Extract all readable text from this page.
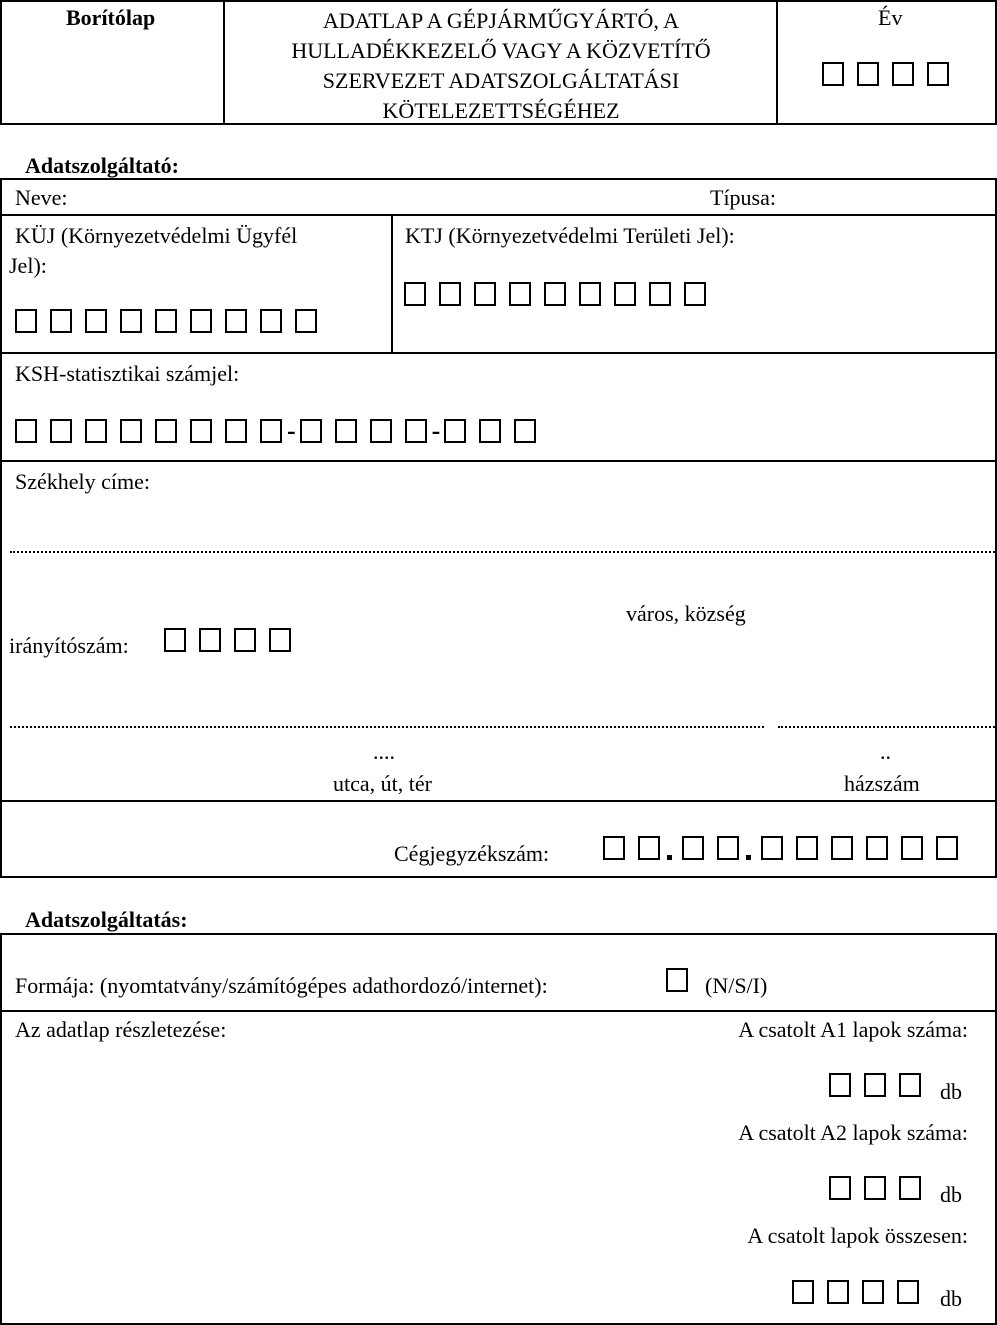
Borítólap	ADATLAP A GÉPJÁRMŰGYÁRTÓ, A
HULLADÉKKEZELŐ VAGY A KÖZVETÍTŐ
SZERVEZET ADATSZOLGÁLTATÁSI
KÖTELEZETTSÉGÉHEZ
Év
Adatszolgáltató:
Neve:	Típusa:
KÜJ (Környezetvédelmi Ügyfél
Jel):
KTJ (Környezetvédelmi Területi Jel):
KSH-statisztikai számjel:
-	-
Székhely címe:
város, község
irányítószám:
....	..
utca, út, tér	házszám
Cégjegyzékszám:
Adatszolgáltatás:
Formája: (nyomtatvány/számítógépes adathordozó/internet):	(N/S/I)
Az adatlap részletezése:	A csatolt A1 lapok száma:
db
A csatolt A2 lapok száma:
db
A csatolt lapok összesen:
db
